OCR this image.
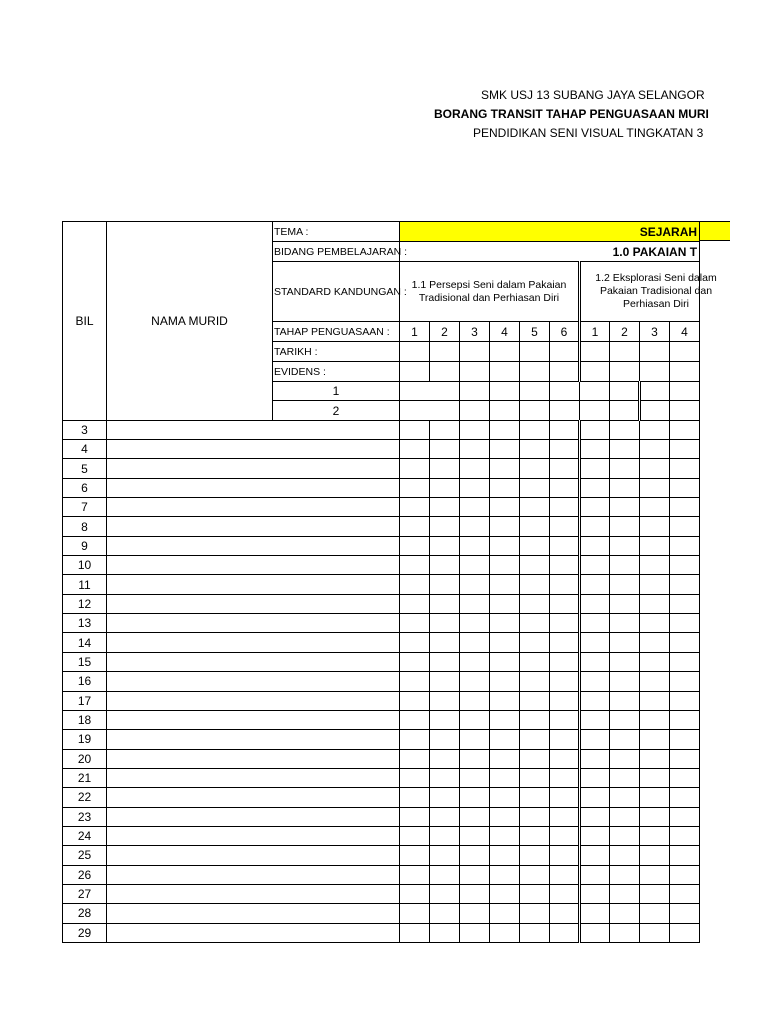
SMK USJ 13 SUBANG JAYA SELANGOR
BORANG TRANSIT TAHAP PENGUASAAN MURI
PENDIDIKAN SENI VISUAL TINGKATAN 3
BIL	NAMA MURID	TEMA :	SEJARAH										
		BIDANG PEMBELAJARAN :	1.0 PAKAIAN T										
		STANDARD KANDUNGAN :	1.1 Persepsi Seni dalam Pakaian Tradisional dan Perhiasan Diri						1.2 Eksplorasi Seni dalam Pakaian Tradisional dan Perhiasan Diri				

		TAHAP PENGUASAAN :	1	2	3	4	5	6	1	2	3	4	
		TARIKH :											
		EVIDENS :											
		1											
		2											
3													
4													
5													
6													
7													
8													
9													
10													
11													
12													
13													
14													
15													
16													
17													
18													
19													
20													
21													
22													
23													
24													
25													
26													
27													
28													
29													
